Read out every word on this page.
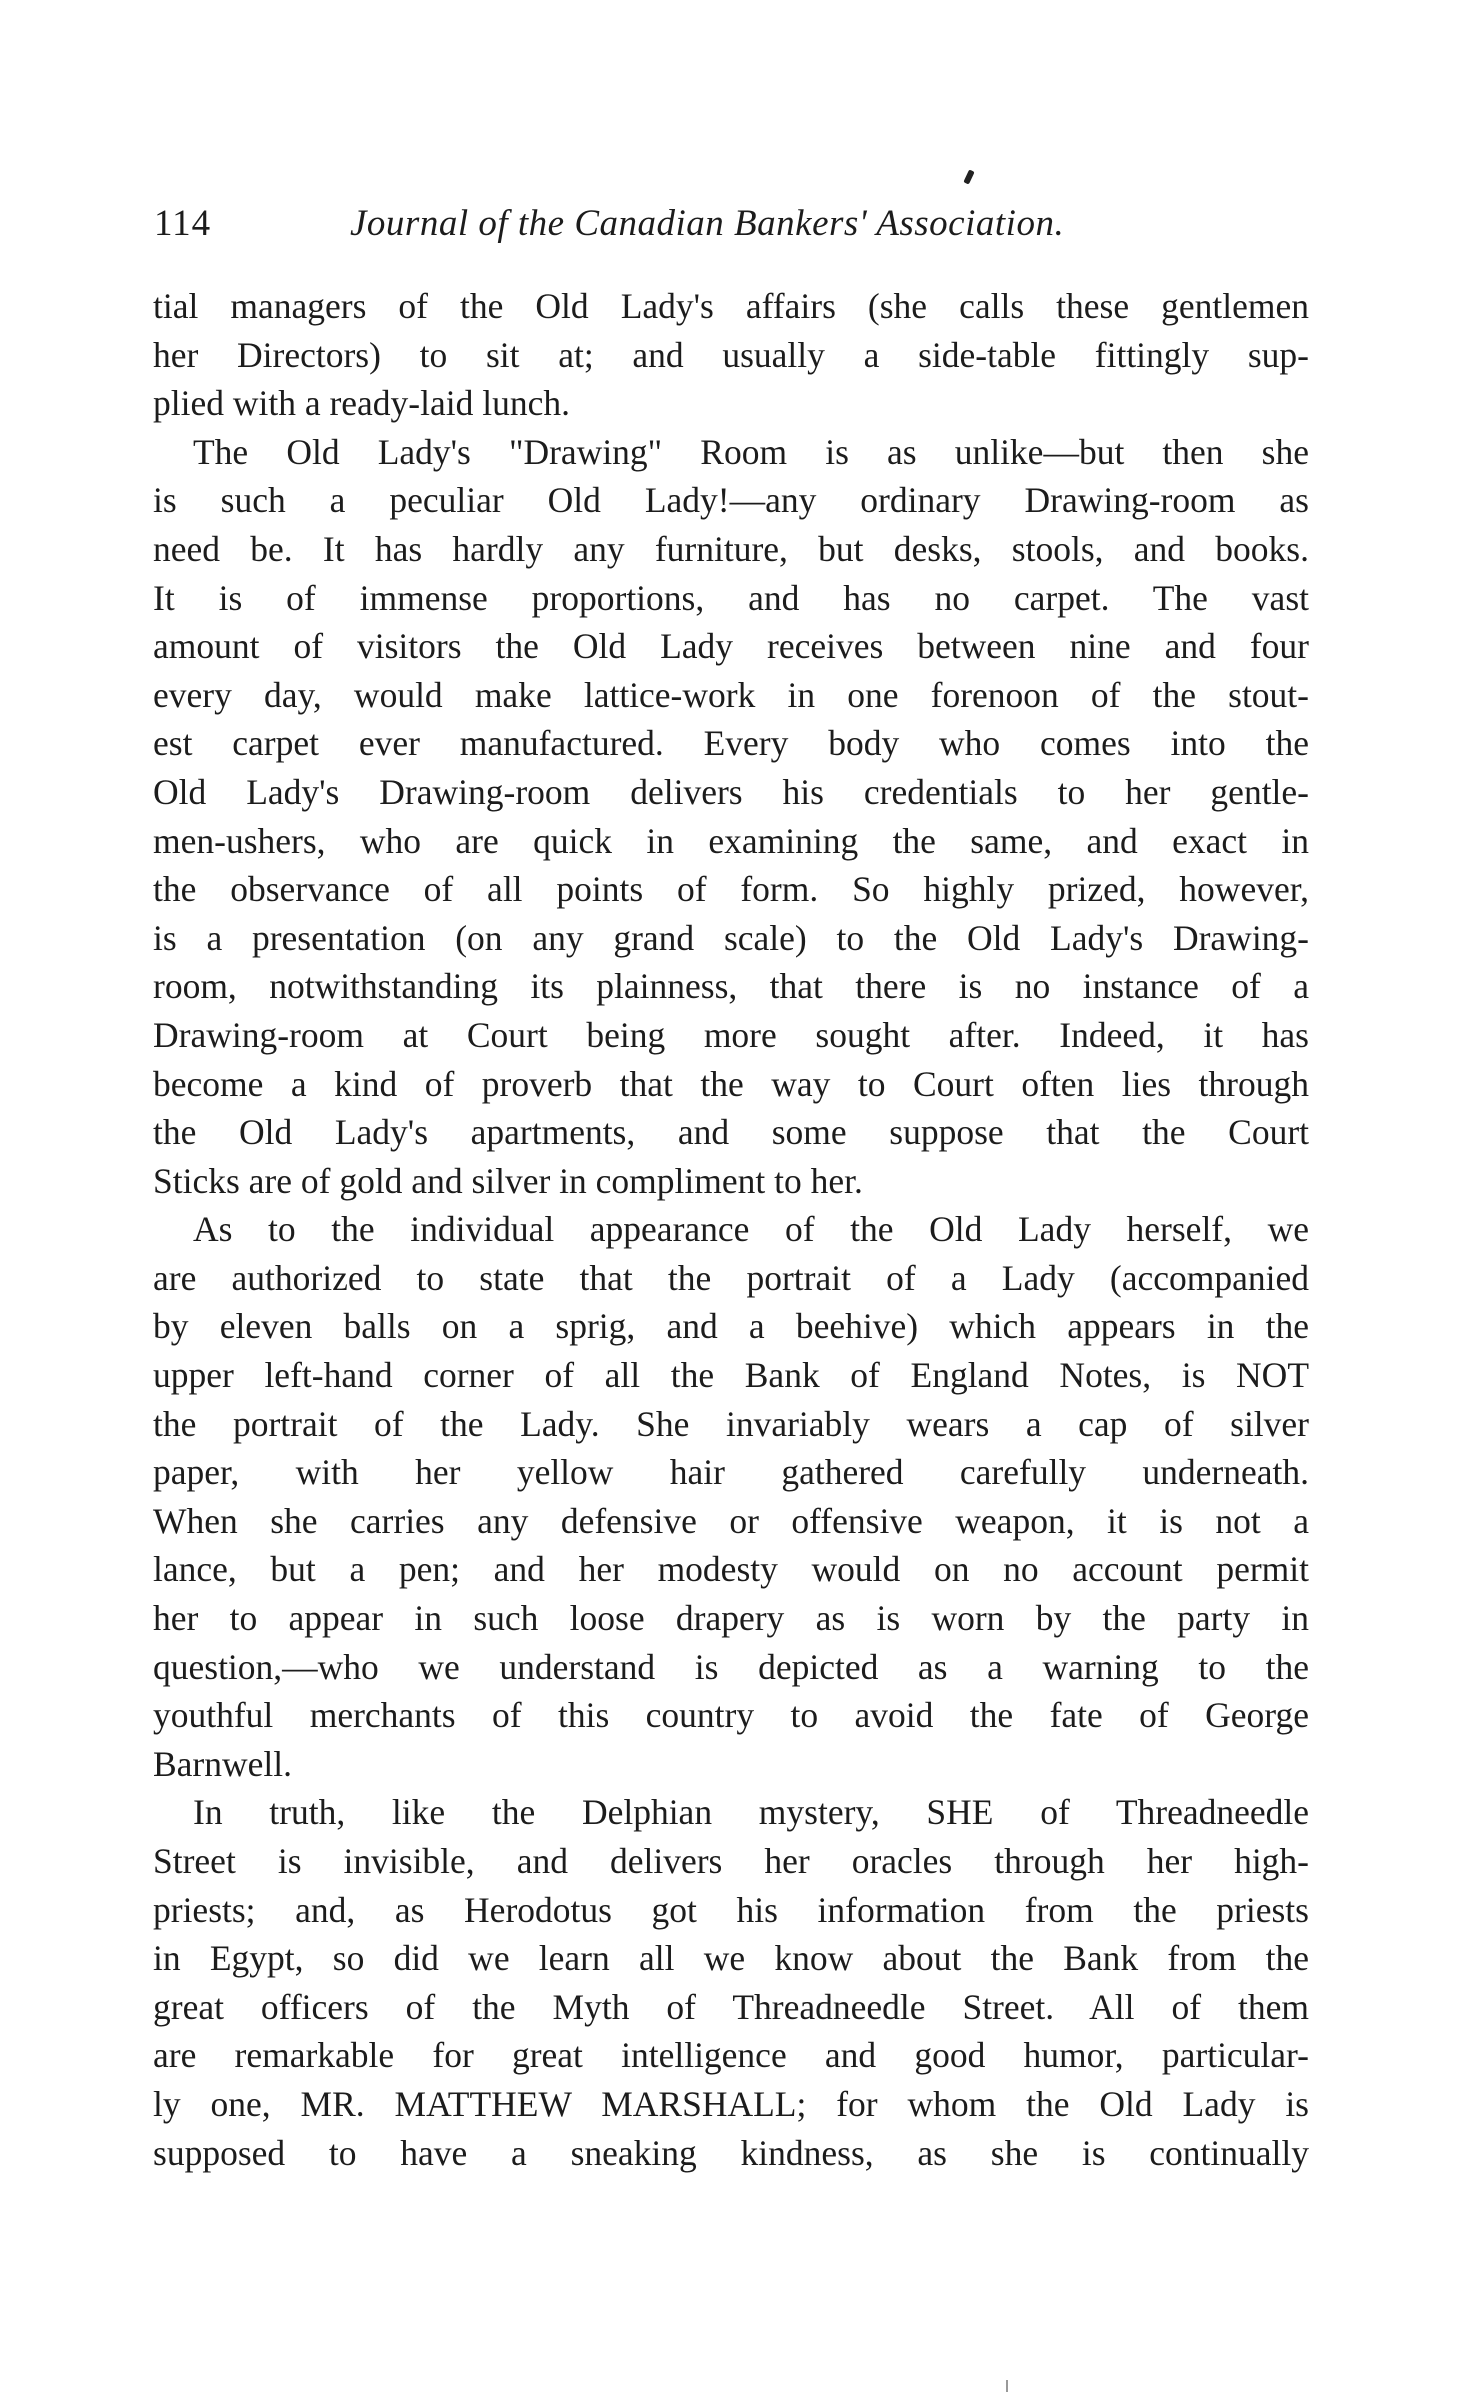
114	Journal of the Canadian Bankers' Association.
tial managers of the Old Lady's affairs (she calls these gentlemen
her Directors) to sit at; and usually a side-table fittingly sup-
plied with a ready-laid lunch.
The Old Lady's "Drawing" Room is as unlike—but then she
is such a peculiar Old Lady!—any ordinary Drawing-room as
need be. It has hardly any furniture, but desks, stools, and books.
It is of immense proportions, and has no carpet. The vast
amount of visitors the Old Lady receives between nine and four
every day, would make lattice-work in one forenoon of the stout-
est carpet ever manufactured. Every body who comes into the
Old Lady's Drawing-room delivers his credentials to her gentle-
men-ushers, who are quick in examining the same, and exact in
the observance of all points of form. So highly prized, however,
is a presentation (on any grand scale) to the Old Lady's Drawing-
room, notwithstanding its plainness, that there is no instance of a
Drawing-room at Court being more sought after. Indeed, it has
become a kind of proverb that the way to Court often lies through
the Old Lady's apartments, and some suppose that the Court
Sticks are of gold and silver in compliment to her.
As to the individual appearance of the Old Lady herself, we
are authorized to state that the portrait of a Lady (accompanied
by eleven balls on a sprig, and a beehive) which appears in the
upper left-hand corner of all the Bank of England Notes, is NOT
the portrait of the Lady. She invariably wears a cap of silver
paper, with her yellow hair gathered carefully underneath.
When she carries any defensive or offensive weapon, it is not a
lance, but a pen; and her modesty would on no account permit
her to appear in such loose drapery as is worn by the party in
question,—who we understand is depicted as a warning to the
youthful merchants of this country to avoid the fate of George
Barnwell.
In truth, like the Delphian mystery, SHE of Threadneedle
Street is invisible, and delivers her oracles through her high-
priests; and, as Herodotus got his information from the priests
in Egypt, so did we learn all we know about the Bank from the
great officers of the Myth of Threadneedle Street. All of them
are remarkable for great intelligence and good humor, particular-
ly one, MR. MATTHEW MARSHALL; for whom the Old Lady is
supposed to have a sneaking kindness, as she is continually
